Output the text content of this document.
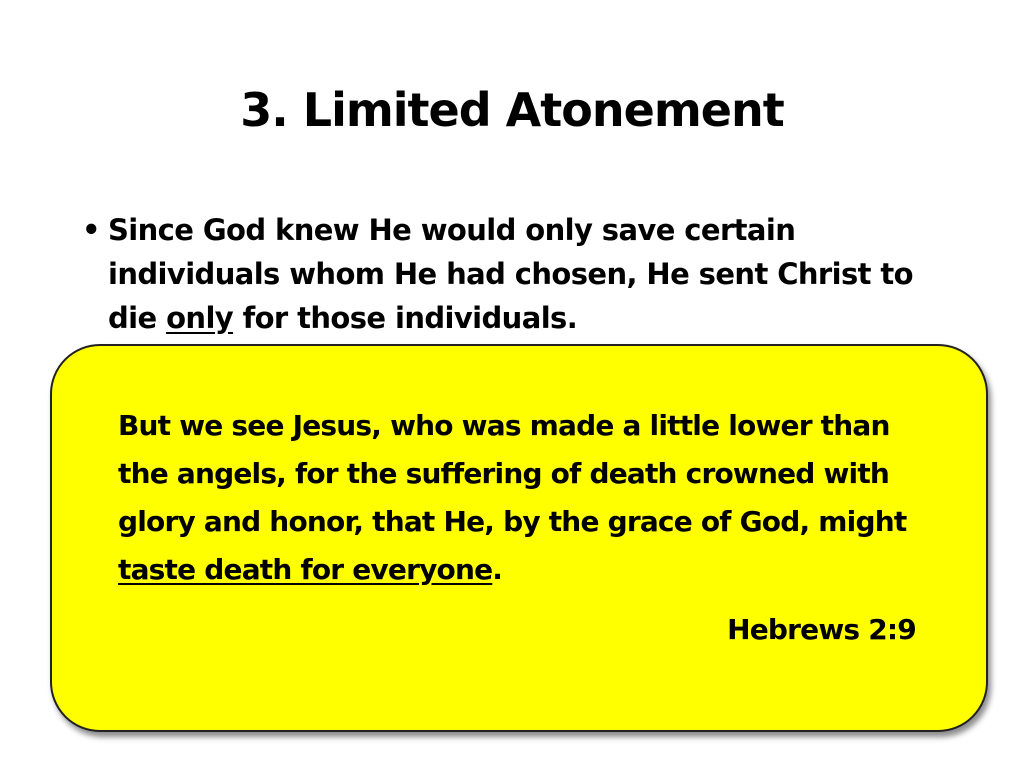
3. Limited Atonement
• Since God knew He would only save certain individuals whom He had chosen, He sent Christ to die only for those individuals.

But we see Jesus, who was made a little lower than the angels, for the suffering of death crowned with glory and honor, that He, by the grace of God, might taste death for everyone.

Hebrews 2:9
